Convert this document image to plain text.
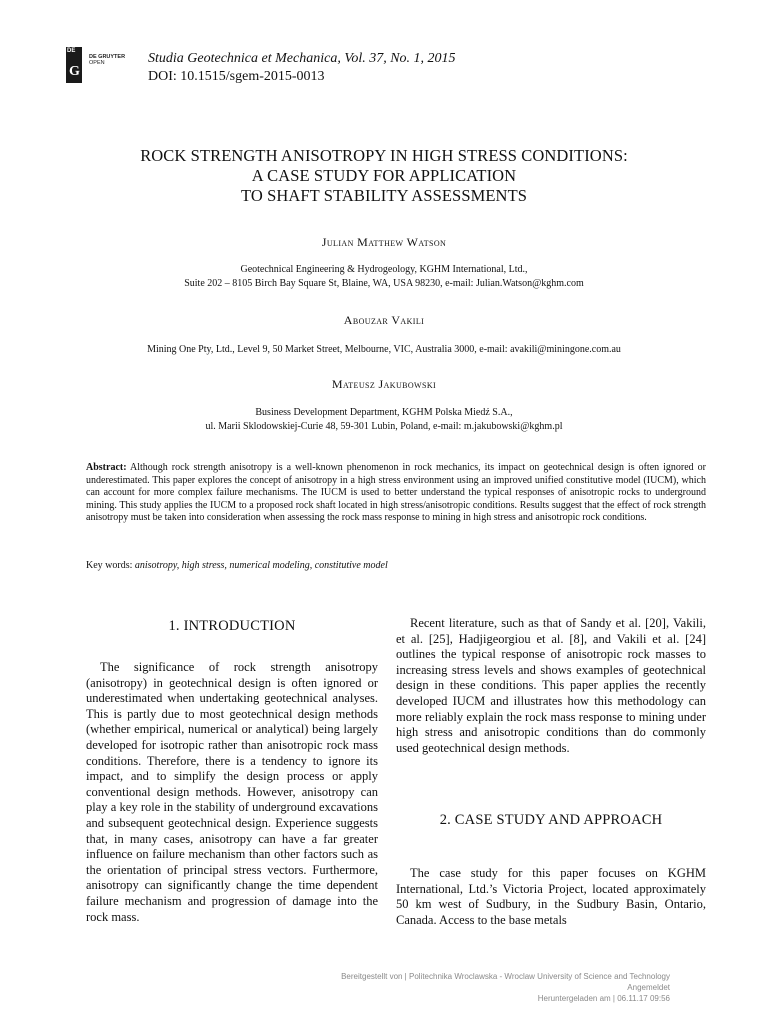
DE
G
DE GRUYTER
OPEN	Studia Geotechnica et Mechanica, Vol. 37, No. 1, 2015
DOI: 10.1515/sgem-2015-0013
ROCK STRENGTH ANISOTROPY IN HIGH STRESS CONDITIONS:
A CASE STUDY FOR APPLICATION
TO SHAFT STABILITY ASSESSMENTS
Julian Matthew Watson
Geotechnical Engineering & Hydrogeology, KGHM International, Ltd.,
Suite 202 – 8105 Birch Bay Square St, Blaine, WA, USA 98230, e-mail: Julian.Watson@kghm.com
Abouzar Vakili
Mining One Pty, Ltd., Level 9, 50 Market Street, Melbourne, VIC, Australia 3000, e-mail: avakili@miningone.com.au
Mateusz Jakubowski
Business Development Department, KGHM Polska Miedź S.A.,
ul. Marii Sklodowskiej-Curie 48, 59-301 Lubin, Poland, e-mail: m.jakubowski@kghm.pl
Abstract: Although rock strength anisotropy is a well-known phenomenon in rock mechanics, its impact on geotechnical design is often ignored or underestimated. This paper explores the concept of anisotropy in a high stress environment using an improved unified constitutive model (IUCM), which can account for more complex failure mechanisms. The IUCM is used to better understand the typical responses of anisotropic rocks to underground mining. This study applies the IUCM to a proposed rock shaft located in high stress/anisotropic conditions. Results suggest that the effect of rock strength anisotropy must be taken into consideration when assessing the rock mass response to mining in high stress and anisotropic rock conditions.
Key words: anisotropy, high stress, numerical modeling, constitutive model
1. INTRODUCTION

The significance of rock strength anisotropy (anisotropy) in geotechnical design is often ignored or underestimated when undertaking geotechnical analyses. This is partly due to most geotechnical design methods (whether empirical, numerical or analytical) being largely developed for isotropic rather than anisotropic rock mass conditions. Therefore, there is a tendency to ignore its impact, and to simplify the design process or apply conventional design methods. However, anisotropy can play a key role in the stability of underground excavations and subsequent geotechnical design. Experience suggests that, in many cases, anisotropy can have a far greater influence on failure mechanism than other factors such as the orientation of principal stress vectors. Furthermore, anisotropy can significantly change the time dependent failure mechanism and progression of damage into the rock mass.

Recent literature, such as that of Sandy et al. [20], Vakili, et al. [25], Hadjigeorgiou et al. [8], and Vakili et al. [24] outlines the typical response of anisotropic rock masses to increasing stress levels and shows examples of geotechnical design in these conditions. This paper applies the recently developed IUCM and illustrates how this methodology can more reliably explain the rock mass response to mining under high stress and anisotropic conditions than do commonly used geotechnical design methods.

2. CASE STUDY AND APPROACH

The case study for this paper focuses on KGHM International, Ltd.’s Victoria Project, located approximately 50 km west of Sudbury, in the Sudbury Basin, Ontario, Canada. Access to the base metals

Bereitgestellt von | Politechnika Wroclawska - Wroclaw University of Science and Technology
Angemeldet
Heruntergeladen am | 06.11.17 09:56
